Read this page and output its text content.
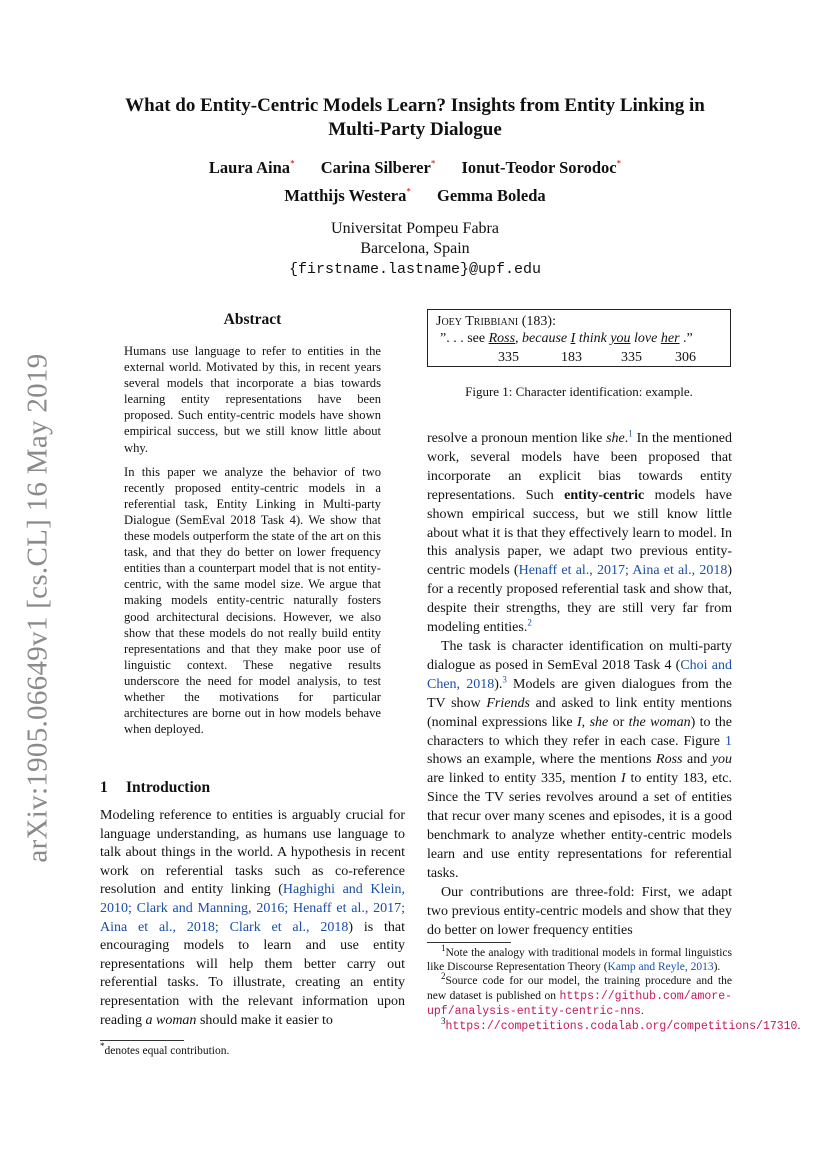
arXiv:1905.06649v1 [cs.CL] 16 May 2019
What do Entity-Centric Models Learn? Insights from Entity Linking in Multi-Party Dialogue
Laura Aina* Carina Silberer* Ionut-Teodor Sorodoc*
Matthijs Westera* Gemma Boleda
Universitat Pompeu Fabra
Barcelona, Spain
{firstname.lastname}@upf.edu
Abstract

Humans use language to refer to entities in the external world. Motivated by this, in recent years several models that incorporate a bias towards learning entity representations have been proposed. Such entity-centric models have shown empirical success, but we still know little about why.

In this paper we analyze the behavior of two recently proposed entity-centric models in a referential task, Entity Linking in Multi-party Dialogue (SemEval 2018 Task 4). We show that these models outperform the state of the art on this task, and that they do better on lower frequency entities than a counterpart model that is not entity-centric, with the same model size. We argue that making models entity-centric naturally fosters good architectural decisions. However, we also show that these models do not really build entity representations and that they make poor use of linguistic context. These negative results underscore the need for model analysis, to test whether the motivations for particular architectures are borne out in how models behave when deployed.

1 Introduction

Modeling reference to entities is arguably crucial for language understanding, as humans use language to talk about things in the world. A hypothesis in recent work on referential tasks such as co-reference resolution and entity linking (Haghighi and Klein, 2010; Clark and Manning, 2016; Henaff et al., 2017; Aina et al., 2018; Clark et al., 2018) is that encouraging models to learn and use entity representations will help them better carry out referential tasks. To illustrate, creating an entity representation with the relevant information upon reading a woman should make it easier to

*denotes equal contribution.
Joey Tribbiani (183):
”. . . see Ross, because I think you love her .”
335	183	335 306
Figure 1: Character identification: example.

resolve a pronoun mention like she.$^1$ In the mentioned work, several models have been proposed that incorporate an explicit bias towards entity representations. Such entity-centric models have shown empirical success, but we still know little about what it is that they effectively learn to model. In this analysis paper, we adapt two previous entity-centric models (Henaff et al., 2017; Aina et al., 2018) for a recently proposed referential task and show that, despite their strengths, they are still very far from modeling entities.$^2$

The task is character identification on multi-party dialogue as posed in SemEval 2018 Task 4 (Choi and Chen, 2018).$^3$ Models are given dialogues from the TV show Friends and asked to link entity mentions (nominal expressions like I, she or the woman) to the characters to which they refer in each case. Figure 1 shows an example, where the mentions Ross and you are linked to entity 335, mention I to entity 183, etc. Since the TV series revolves around a set of entities that recur over many scenes and episodes, it is a good benchmark to analyze whether entity-centric models learn and use entity representations for referential tasks.

Our contributions are three-fold: First, we adapt two previous entity-centric models and show that they do better on lower frequency entities

$^1$Note the analogy with traditional models in formal linguistics like Discourse Representation Theory (Kamp and Reyle, 2013).

$^2$Source code for our model, the training procedure and the new dataset is published on https://github.com/amore-upf/analysis-entity-centric-nns.

$^3$https://competitions.codalab.org/competitions/17310.
